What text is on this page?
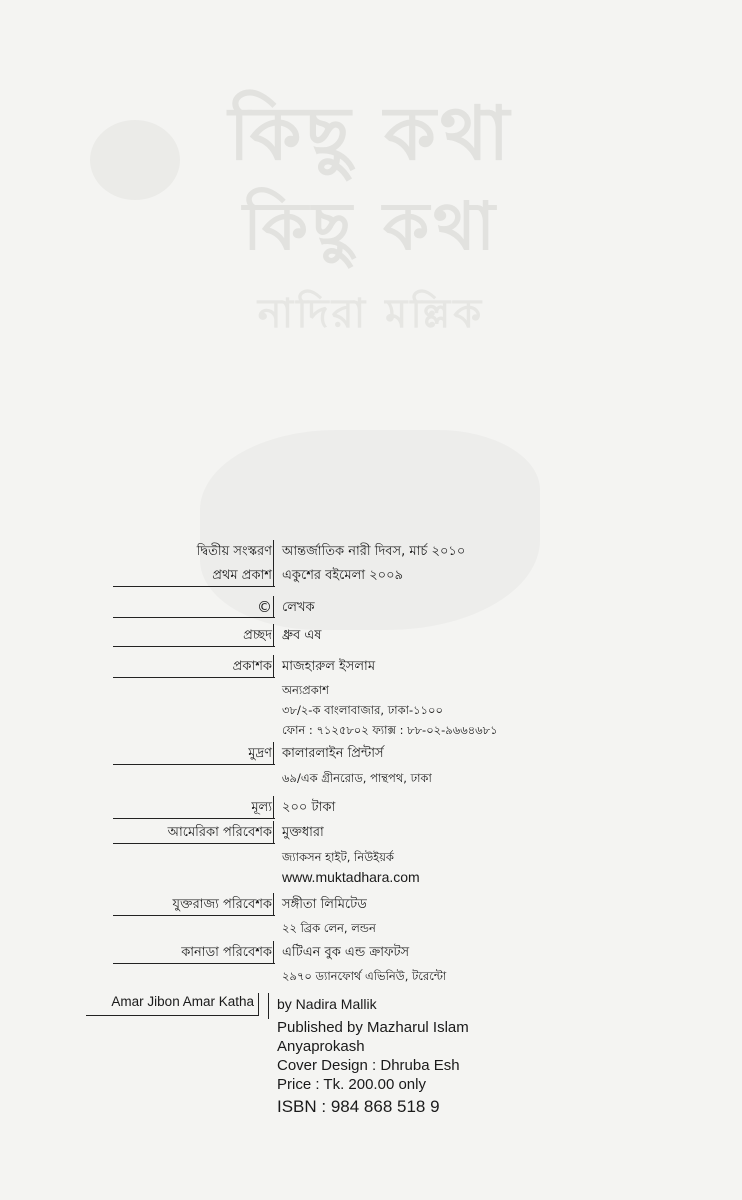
কিছু কথা
কিছু কথা
নাদিরা মল্লিক
দ্বিতীয় সংস্করণ
প্রথম প্রকাশ
আন্তর্জাতিক নারী দিবস, মার্চ ২০১০
একুশের বইমেলা ২০০৯
© লেখক
প্রচ্ছদ ধ্রুব এষ
প্রকাশক মাজহারুল ইসলাম
অন্যপ্রকাশ
৩৮/২-ক বাংলাবাজার, ঢাকা-১১০০
ফোন : ৭১২৫৮০২ ফ্যাক্স : ৮৮-০২-৯৬৬৪৬৮১
মুদ্রণ কালারলাইন প্রিন্টার্স
৬৯/এক গ্রীনরোড, পান্থপথ, ঢাকা
মূল্য ২০০ টাকা
আমেরিকা পরিবেশক মুক্তধারা
জ্যাকসন হাইট, নিউইয়র্ক
www.muktadhara.com
যুক্তরাজ্য পরিবেশক সঙ্গীতা লিমিটেড
২২ ব্রিক লেন, লন্ডন
কানাডা পরিবেশক এটিএন বুক এন্ড ক্রাফটস
২৯৭০ ড্যানফোর্থ এভিনিউ, টরেন্টো
Amar Jibon Amar Katha by Nadira Mallik
Published by Mazharul Islam
Anyaprokash
Cover Design : Dhruba Esh
Price : Tk. 200.00 only
ISBN : 984 868 518 9
